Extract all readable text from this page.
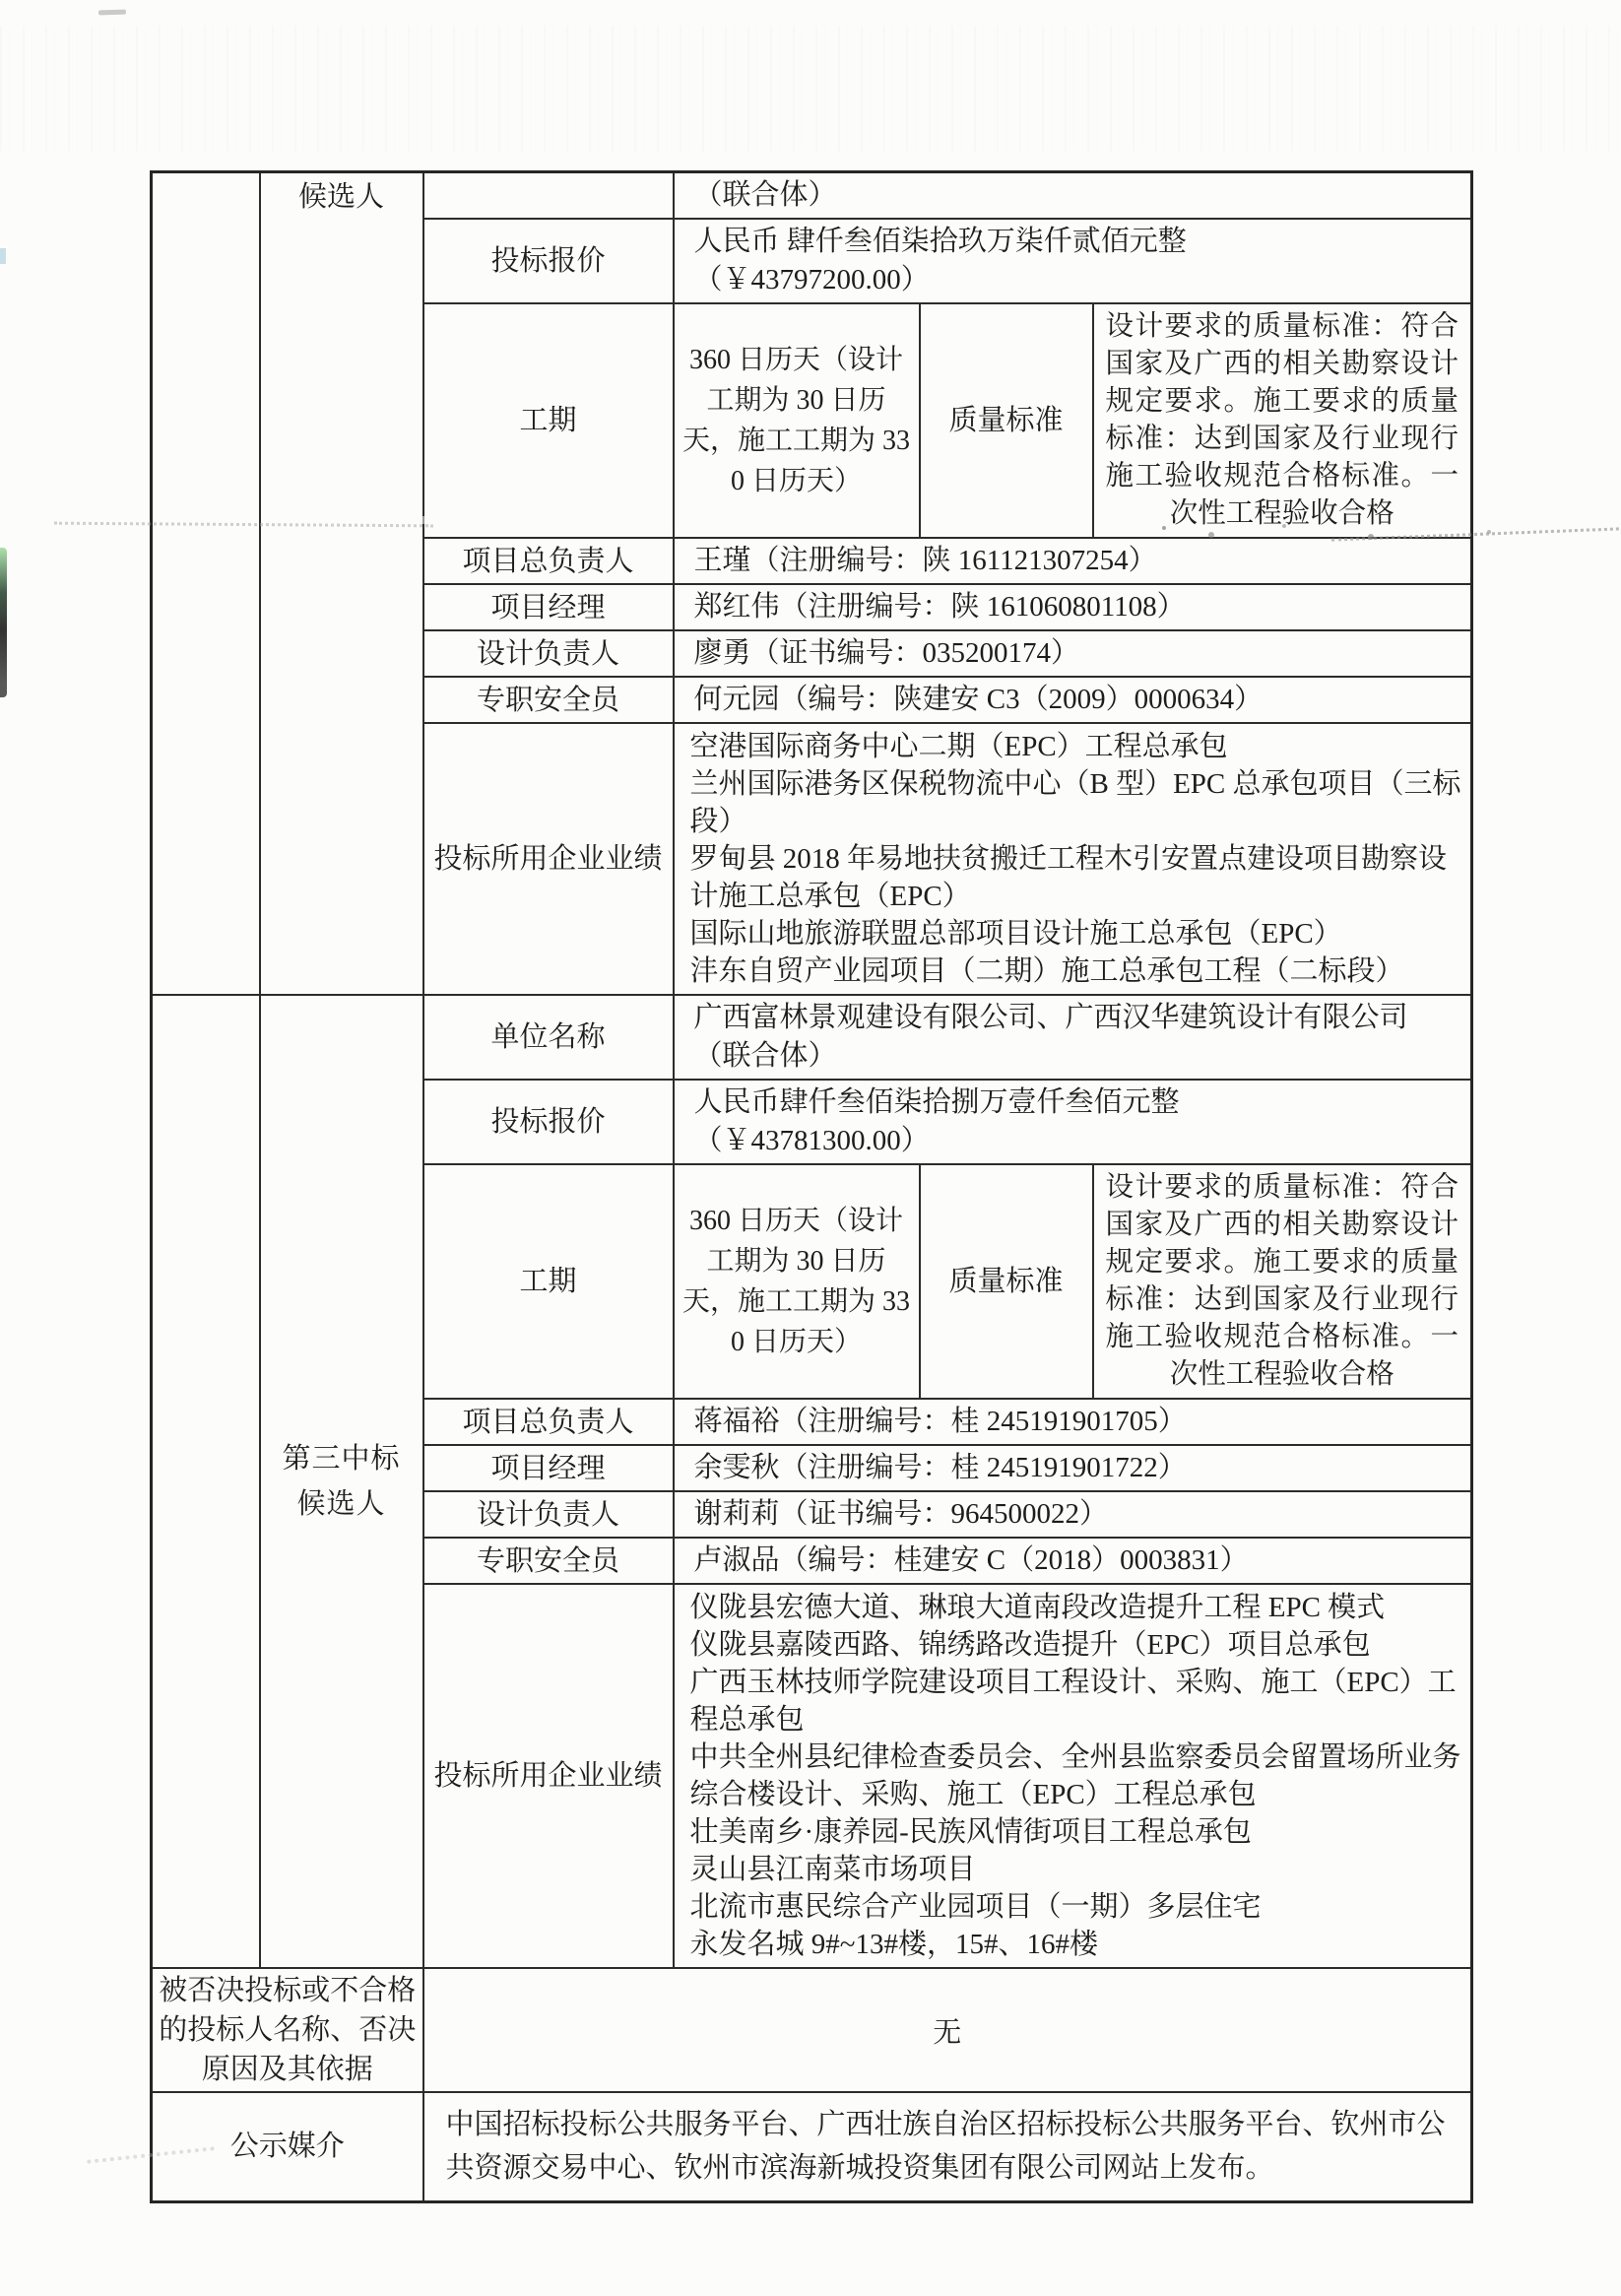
	候选人		（联合体）		
		投标报价	人民币 肆仟叁佰柒拾玖万柒仟贰佰元整
（￥43797200.00）		

		工期	360 日历天（设计工期为 30 日历天，施工工期为 330 日历天）	质量标准	设计要求的质量标准：符合国家及广西的相关勘察设计规定要求。施工要求的质量标准：达到国家及行业现行施工验收规范合格标准。一次性工程验收合格
		项目总负责人	王瑾（注册编号：陕 161121307254）		
		项目经理	郑红伟（注册编号：陕 161060801108）		
		设计负责人	廖勇（证书编号：035200174）		
		专职安全员	何元园（编号：陕建安 C3（2009）0000634）		
		投标所用企业业绩	空港国际商务中心二期（EPC）工程总承包
兰州国际港务区保税物流中心（B 型）EPC 总承包项目（三标段）
罗甸县 2018 年易地扶贫搬迁工程木引安置点建设项目勘察设计施工总承包（EPC）
国际山地旅游联盟总部项目设计施工总承包（EPC）
沣东自贸产业园项目（二期）施工总承包工程（二标段）		

	第三中标候选人	单位名称	广西富林景观建设有限公司、广西汉华建筑设计有限公司（联合体）		
		投标报价	人民币肆仟叁佰柒拾捌万壹仟叁佰元整
（￥43781300.00）		

		工期	360 日历天（设计工期为 30 日历天，施工工期为 330 日历天）	质量标准	设计要求的质量标准：符合国家及广西的相关勘察设计规定要求。施工要求的质量标准：达到国家及行业现行施工验收规范合格标准。一次性工程验收合格
		项目总负责人	蒋福裕（注册编号：桂 245191901705）		
		项目经理	余雯秋（注册编号：桂 245191901722）		
		设计负责人	谢莉莉（证书编号：964500022）		
		专职安全员	卢淑品（编号：桂建安 C（2018）0003831）		
投标所用企业业绩	
仪陇县宏德大道、琳琅大道南段改造提升工程 EPC 模式
仪陇县嘉陵西路、锦绣路改造提升（EPC）项目总承包
广西玉林技师学院建设项目工程设计、采购、施工（EPC）工程总承包
中共全州县纪律检查委员会、全州县监察委员会留置场所业务综合楼设计、采购、施工（EPC）工程总承包
壮美南乡·康养园-民族风情街项目工程总承包
灵山县江南菜市场项目
北流市惠民综合产业园项目（一期）多层住宅
永发名城 9#~13#楼，15#、16#楼

被否决投标或不合格的投标人名称、否决原因及其依据		无			
公示媒介		中国招标投标公共服务平台、广西壮族自治区招标投标公共服务平台、钦州市公共资源交易中心、钦州市滨海新城投资集团有限公司网站上发布。			
